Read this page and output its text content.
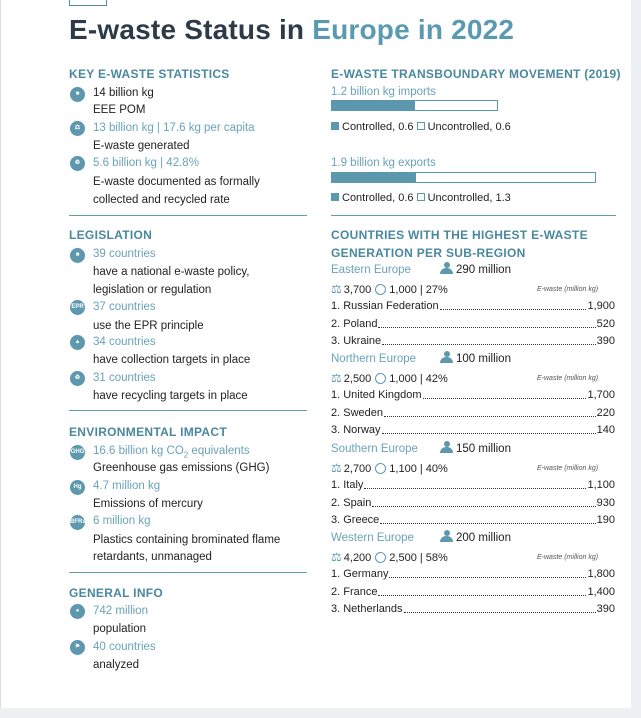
E-waste Status in Europe in 2022
KEY E-WASTE STATISTICS
■	14 billion kg
EEE POM
⚖	13 billion kg | 17.6 kg per capita
E-waste generated
♻	5.6 billion kg | 42.8%
E-waste documented as formally
collected and recycled rate
LEGISLATION
■	39 countries
have a national e-waste policy,
legislation or regulation
EPR 37 countries
use the EPR principle
▲	34 countries
have collection targets in place
♻	31 countries
have recycling targets in place
ENVIRONMENTAL IMPACT
GHG 16.6 billion kg $CO_2$ equivalents
Greenhouse gas emissions (GHG)
Hg	4.7 million kg
Emissions of mercury
BFRs 6 million kg
Plastics containing brominated flame
retardants, unmanaged
GENERAL INFO
●	742 million
population
⚑	40 countries
analyzed
E-WASTE TRANSBOUNDARY MOVEMENT (2019)
1.2 billion kg imports
Controlled, 0.6 Uncontrolled, 0.6
1.9 billion kg exports
Controlled, 0.6 Uncontrolled, 1.3
COUNTRIES WITH THE HIGHEST E-WASTE
GENERATION PER SUB-REGION
Eastern Europe	290 million
⚖ 3,700 1,000 | 27%	E-waste (million kg)
1. Russian Federation	1,900
2. Poland	520
3. Ukraine	390
Northern Europe	100 million
⚖ 2,500 1,000 | 42%	E-waste (million kg)
1. United Kingdom	1,700
2. Sweden	220
3. Norway	140
Southern Europe	150 million
⚖ 2,700 1,100 | 40%	E-waste (million kg)
1. Italy	1,100
2. Spain	930
3. Greece	190
Western Europe	200 million
⚖ 4,200 2,500 | 58%	E-waste (million kg)
1. Germany	1,800
2. France	1,400
3. Netherlands	390
